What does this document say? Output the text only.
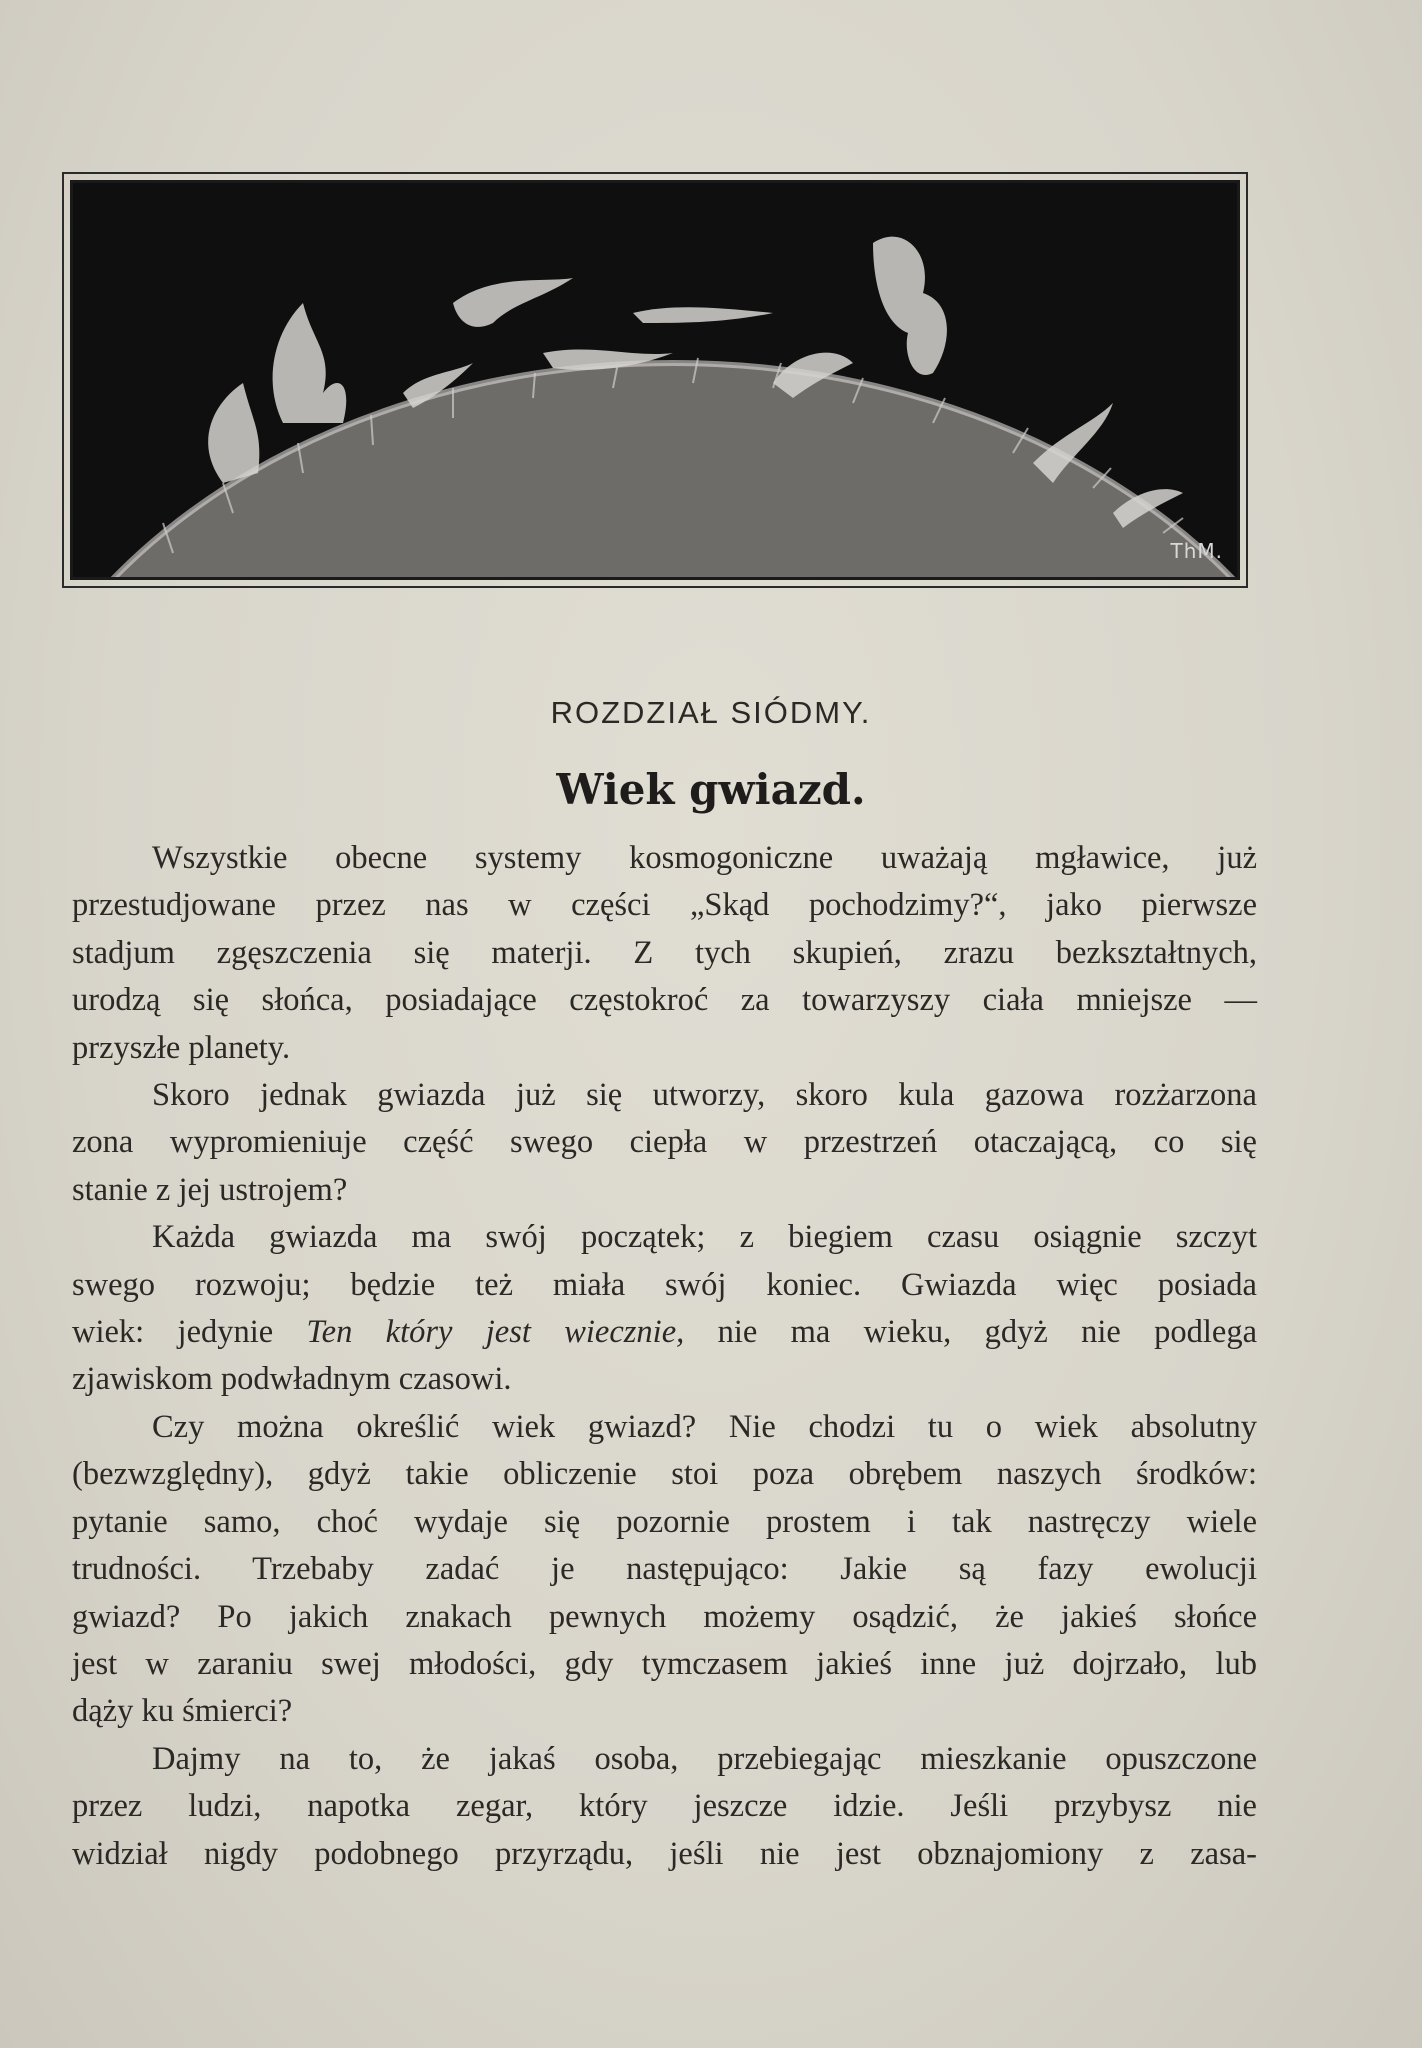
ThM.
ROZDZIAŁ SIÓDMY.
Wiek gwiazd.
Wszystkie obecne systemy kosmogoniczne uważają mgławice, już
przestudjowane przez nas w części „Skąd pochodzimy?“, jako pierwsze
stadjum zgęszczenia się materji. Z tych skupień, zrazu bezkształtnych,
urodzą się słońca, posiadające częstokroć za towarzyszy ciała mniejsze —
przyszłe planety.
Skoro jednak gwiazda już się utworzy, skoro kula gazowa rozżarzona
zona wypromieniuje część swego ciepła w przestrzeń otaczającą, co się
stanie z jej ustrojem?
Każda gwiazda ma swój początek; z biegiem czasu osiągnie szczyt
swego rozwoju; będzie też miała swój koniec. Gwiazda więc posiada
wiek: jedynie Ten który jest wiecznie, nie ma wieku, gdyż nie podlega
zjawiskom podwładnym czasowi.
Czy można określić wiek gwiazd? Nie chodzi tu o wiek absolutny
(bezwzględny), gdyż takie obliczenie stoi poza obrębem naszych środków:
pytanie samo, choć wydaje się pozornie prostem i tak nastręczy wiele
trudności. Trzebaby zadać je następująco: Jakie są fazy ewolucji
gwiazd? Po jakich znakach pewnych możemy osądzić, że jakieś słońce
jest w zaraniu swej młodości, gdy tymczasem jakieś inne już dojrzało, lub
dąży ku śmierci?
Dajmy na to, że jakaś osoba, przebiegając mieszkanie opuszczone
przez ludzi, napotka zegar, który jeszcze idzie. Jeśli przybysz nie
widział nigdy podobnego przyrządu, jeśli nie jest obznajomiony z zasa-
